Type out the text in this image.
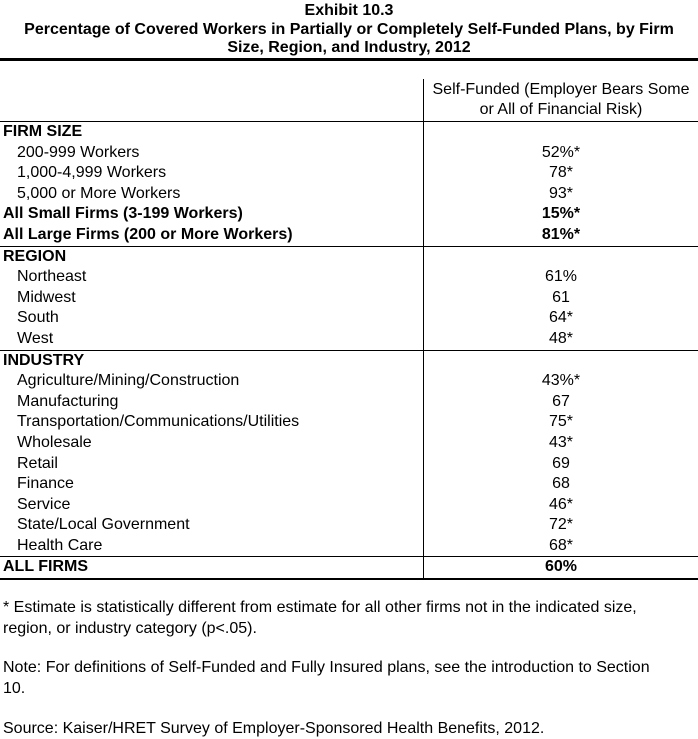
Exhibit 10.3
Percentage of Covered Workers in Partially or Completely Self-Funded Plans, by Firm
Size, Region, and Industry, 2012

	Self-Funded (Employer Bears Some
or All of Financial Risk)

FIRM SIZE	
200-999 Workers	52%*
1,000-4,999 Workers	78*
5,000 or More Workers	93*
All Small Firms (3-199 Workers)	15%*
All Large Firms (200 or More Workers)	81%*
REGION	
Northeast	61%
Midwest	61
South	64*
West	48*
INDUSTRY	
Agriculture/Mining/Construction	43%*
Manufacturing	67
Transportation/Communications/Utilities	75*
Wholesale	43*
Retail	69
Finance	68
Service	46*
State/Local Government	72*
Health Care	68*
ALL FIRMS	60%
* Estimate is statistically different from estimate for all other firms not in the indicated size,
region, or industry category (p<.05).
Note: For definitions of Self-Funded and Fully Insured plans, see the introduction to Section
10.
Source: Kaiser/HRET Survey of Employer-Sponsored Health Benefits, 2012.
